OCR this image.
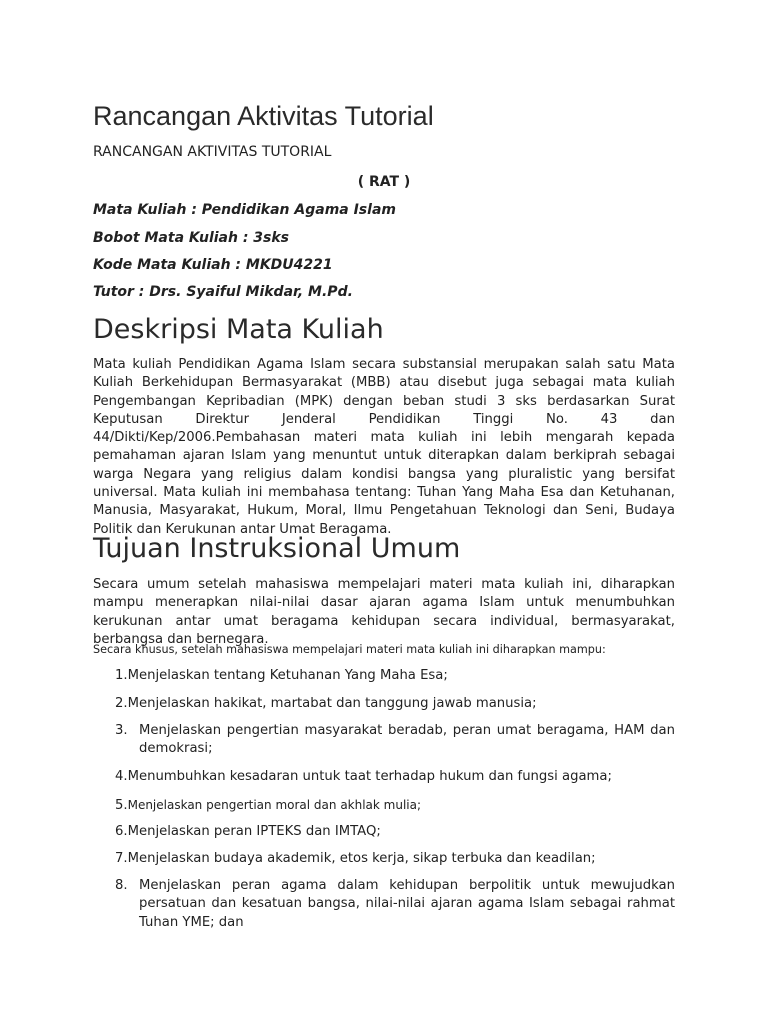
Rancangan Aktivitas Tutorial
RANCANGAN AKTIVITAS TUTORIAL
( RAT )
Mata Kuliah : Pendidikan Agama Islam
Bobot Mata Kuliah : 3sks
Kode Mata Kuliah : MKDU4221
Tutor : Drs. Syaiful Mikdar, M.Pd.
Deskripsi Mata Kuliah

Mata kuliah Pendidikan Agama Islam secara substansial merupakan salah satu Mata Kuliah Berkehidupan Bermasyarakat (MBB) atau disebut juga sebagai mata kuliah Pengembangan Kepribadian (MPK) dengan beban studi 3 sks berdasarkan Surat Keputusan Direktur Jenderal Pendidikan Tinggi No. 43 dan 44/Dikti/Kep/2006.Pembahasan materi mata kuliah ini lebih mengarah kepada pemahaman ajaran Islam yang menuntut untuk diterapkan dalam berkiprah sebagai warga Negara yang religius dalam kondisi bangsa yang pluralistic yang bersifat universal. Mata kuliah ini membahasa tentang: Tuhan Yang Maha Esa dan Ketuhanan, Manusia, Masyarakat, Hukum, Moral, Ilmu Pengetahuan Teknologi dan Seni, Budaya Politik dan Kerukunan antar Umat Beragama.

Tujuan Instruksional Umum

Secara umum setelah mahasiswa mempelajari materi mata kuliah ini, diharapkan mampu menerapkan nilai-nilai dasar ajaran agama Islam untuk menumbuhkan kerukunan antar umat beragama kehidupan secara individual, bermasyarakat, berbangsa dan bernegara.

Secara khusus, setelah mahasiswa mempelajari materi mata kuliah ini diharapkan mampu:
1.Menjelaskan tentang Ketuhanan Yang Maha Esa;
2.Menjelaskan hakikat, martabat dan tanggung jawab manusia;
3. Menjelaskan pengertian masyarakat beradab, peran umat beragama, HAM dan demokrasi;
4.Menumbuhkan kesadaran untuk taat terhadap hukum dan fungsi agama;
5.Menjelaskan pengertian moral dan akhlak mulia;
6.Menjelaskan peran IPTEKS dan IMTAQ;
7.Menjelaskan budaya akademik, etos kerja, sikap terbuka dan keadilan;
8. Menjelaskan peran agama dalam kehidupan berpolitik untuk mewujudkan persatuan dan kesatuan bangsa, nilai-nilai ajaran agama Islam sebagai rahmat Tuhan YME; dan
